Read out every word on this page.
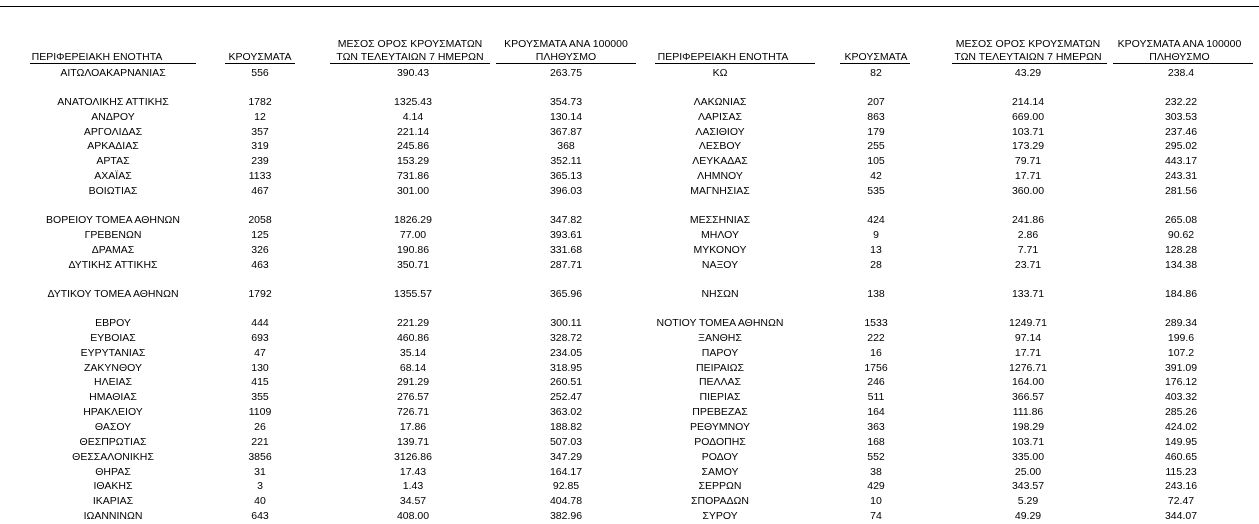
ΠΕΡΙΦΕΡΕΙΑΚΗ ΕΝΟΤΗΤΑ	ΚΡΟΥΣΜΑΤΑ
ΜΕΣΟΣ ΟΡΟΣ ΚΡΟΥΣΜΑΤΩΝ
ΤΩΝ ΤΕΛΕΥΤΑΙΩΝ 7 ΗΜΕΡΩΝ
ΚΡΟΥΣΜΑΤΑ ΑΝΑ 100000
ΠΛΗΘΥΣΜΟ	ΠΕΡΙΦΕΡΕΙΑΚΗ ΕΝΟΤΗΤΑ	ΚΡΟΥΣΜΑΤΑ
ΜΕΣΟΣ ΟΡΟΣ ΚΡΟΥΣΜΑΤΩΝ
ΤΩΝ ΤΕΛΕΥΤΑΙΩΝ 7 ΗΜΕΡΩΝ
ΚΡΟΥΣΜΑΤΑ ΑΝΑ 100000
ΠΛΗΘΥΣΜΟ
ΑΙΤΩΛΟΑΚΑΡΝΑΝΙΑΣ	556	390.43	263.75
ΑΝΑΤΟΛΙΚΗΣ ΑΤΤΙΚΗΣ	1782	1325.43	354.73
ΑΝΔΡΟΥ	12	4.14	130.14
ΑΡΓΟΛΙΔΑΣ	357	221.14	367.87
ΑΡΚΑΔΙΑΣ	319	245.86	368
ΑΡΤΑΣ	239	153.29	352.11
ΑΧΑΪΑΣ	1133	731.86	365.13
ΒΟΙΩΤΙΑΣ	467	301.00	396.03
ΒΟΡΕΙΟΥ ΤΟΜΕΑ ΑΘΗΝΩΝ	2058	1826.29	347.82
ΓΡΕΒΕΝΩΝ	125	77.00	393.61
ΔΡΑΜΑΣ	326	190.86	331.68
ΔΥΤΙΚΗΣ ΑΤΤΙΚΗΣ	463	350.71	287.71
ΔΥΤΙΚΟΥ ΤΟΜΕΑ ΑΘΗΝΩΝ	1792	1355.57	365.96
ΕΒΡΟΥ	444	221.29	300.11
ΕΥΒΟΙΑΣ	693	460.86	328.72
ΕΥΡΥΤΑΝΙΑΣ	47	35.14	234.05
ΖΑΚΥΝΘΟΥ	130	68.14	318.95
ΗΛΕΙΑΣ	415	291.29	260.51
ΗΜΑΘΙΑΣ	355	276.57	252.47
ΗΡΑΚΛΕΙΟΥ	1109	726.71	363.02
ΘΑΣΟΥ	26	17.86	188.82
ΘΕΣΠΡΩΤΙΑΣ	221	139.71	507.03
ΘΕΣΣΑΛΟΝΙΚΗΣ	3856	3126.86	347.29
ΘΗΡΑΣ	31	17.43	164.17
ΙΘΑΚΗΣ	3	1.43	92.85
ΙΚΑΡΙΑΣ	40	34.57	404.78
ΙΩΑΝΝΙΝΩΝ	643	408.00	382.96
ΚΩ	82	43.29	238.4
ΛΑΚΩΝΙΑΣ	207	214.14	232.22
ΛΑΡΙΣΑΣ	863	669.00	303.53
ΛΑΣΙΘΙΟΥ	179	103.71	237.46
ΛΕΣΒΟΥ	255	173.29	295.02
ΛΕΥΚΑΔΑΣ	105	79.71	443.17
ΛΗΜΝΟΥ	42	17.71	243.31
ΜΑΓΝΗΣΙΑΣ	535	360.00	281.56
ΜΕΣΣΗΝΙΑΣ	424	241.86	265.08
ΜΗΛΟΥ	9	2.86	90.62
ΜΥΚΟΝΟΥ	13	7.71	128.28
ΝΑΞΟΥ	28	23.71	134.38
ΝΗΣΩΝ	138	133.71	184.86
ΝΟΤΙΟΥ ΤΟΜΕΑ ΑΘΗΝΩΝ	1533	1249.71	289.34
ΞΑΝΘΗΣ	222	97.14	199.6
ΠΑΡΟΥ	16	17.71	107.2
ΠΕΙΡΑΙΩΣ	1756	1276.71	391.09
ΠΕΛΛΑΣ	246	164.00	176.12
ΠΙΕΡΙΑΣ	511	366.57	403.32
ΠΡΕΒΕΖΑΣ	164	111.86	285.26
ΡΕΘΥΜΝΟΥ	363	198.29	424.02
ΡΟΔΟΠΗΣ	168	103.71	149.95
ΡΟΔΟΥ	552	335.00	460.65
ΣΑΜΟΥ	38	25.00	115.23
ΣΕΡΡΩΝ	429	343.57	243.16
ΣΠΟΡΑΔΩΝ	10	5.29	72.47
ΣΥΡΟΥ	74	49.29	344.07
